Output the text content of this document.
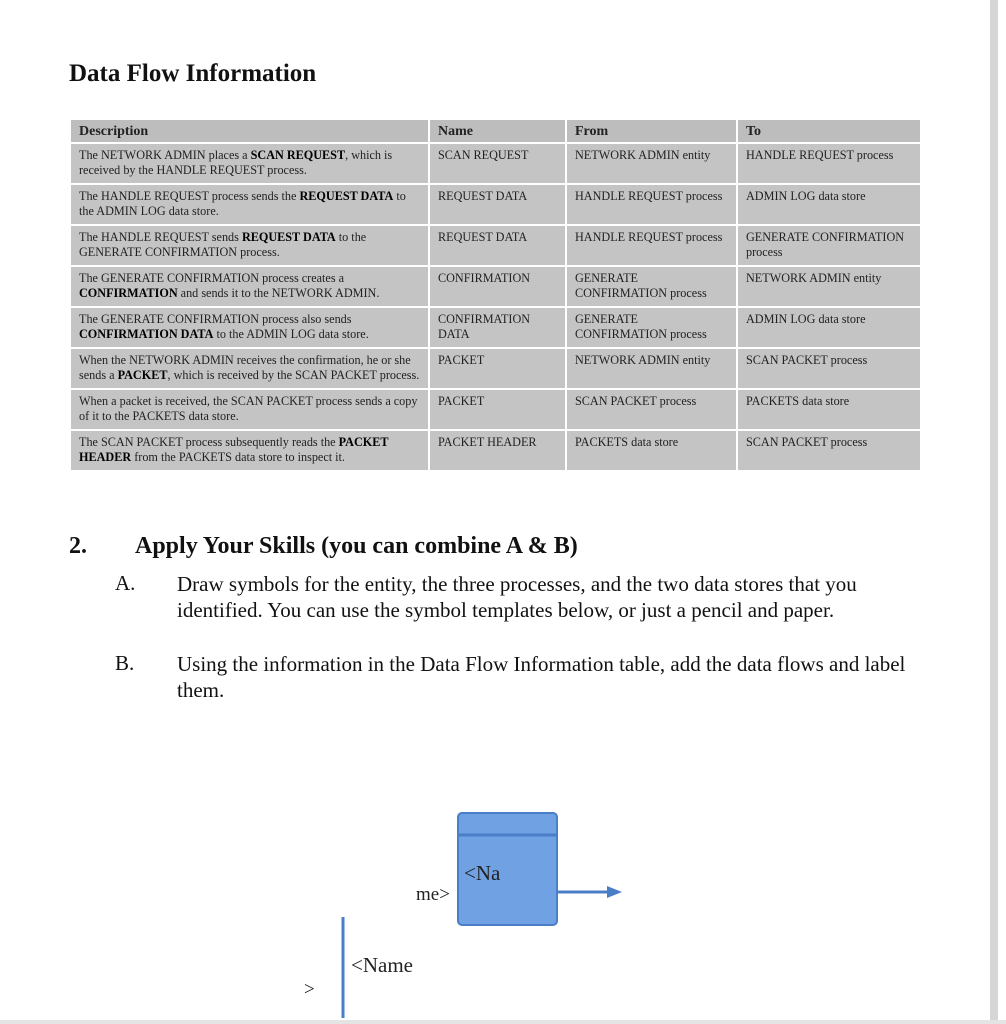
Data Flow Information
Description	Name	From	To
The NETWORK ADMIN places a SCAN REQUEST, which is received by the HANDLE REQUEST process.	SCAN REQUEST	NETWORK ADMIN entity	HANDLE REQUEST process
The HANDLE REQUEST process sends the REQUEST DATA to the ADMIN LOG data store.	REQUEST DATA	HANDLE REQUEST process	ADMIN LOG data store
The HANDLE REQUEST sends REQUEST DATA to the GENERATE CONFIRMATION process.	REQUEST DATA	HANDLE REQUEST process	GENERATE CONFIRMATION process
The GENERATE CONFIRMATION process creates a CONFIRMATION and sends it to the NETWORK ADMIN.	CONFIRMATION	GENERATE CONFIRMATION process	NETWORK ADMIN entity
The GENERATE CONFIRMATION process also sends CONFIRMATION DATA to the ADMIN LOG data store.	CONFIRMATION DATA	GENERATE CONFIRMATION process	ADMIN LOG data store
When the NETWORK ADMIN receives the confirmation, he or she sends a PACKET, which is received by the SCAN PACKET process.	PACKET	NETWORK ADMIN entity	SCAN PACKET process
When a packet is received, the SCAN PACKET process sends a copy of it to the PACKETS data store.	PACKET	SCAN PACKET process	PACKETS data store
The SCAN PACKET process subsequently reads the PACKET HEADER from the PACKETS data store to inspect it.	PACKET HEADER	PACKETS data store	SCAN PACKET process
2. Apply Your Skills (you can combine A & B)
A. Draw symbols for the entity, the three processes, and the two data stores that you identified. You can use the symbol templates below, or just a pencil and paper.
B. Using the information in the Data Flow Information table, add the data flows and label them.
<Na
me>
<Name
>
